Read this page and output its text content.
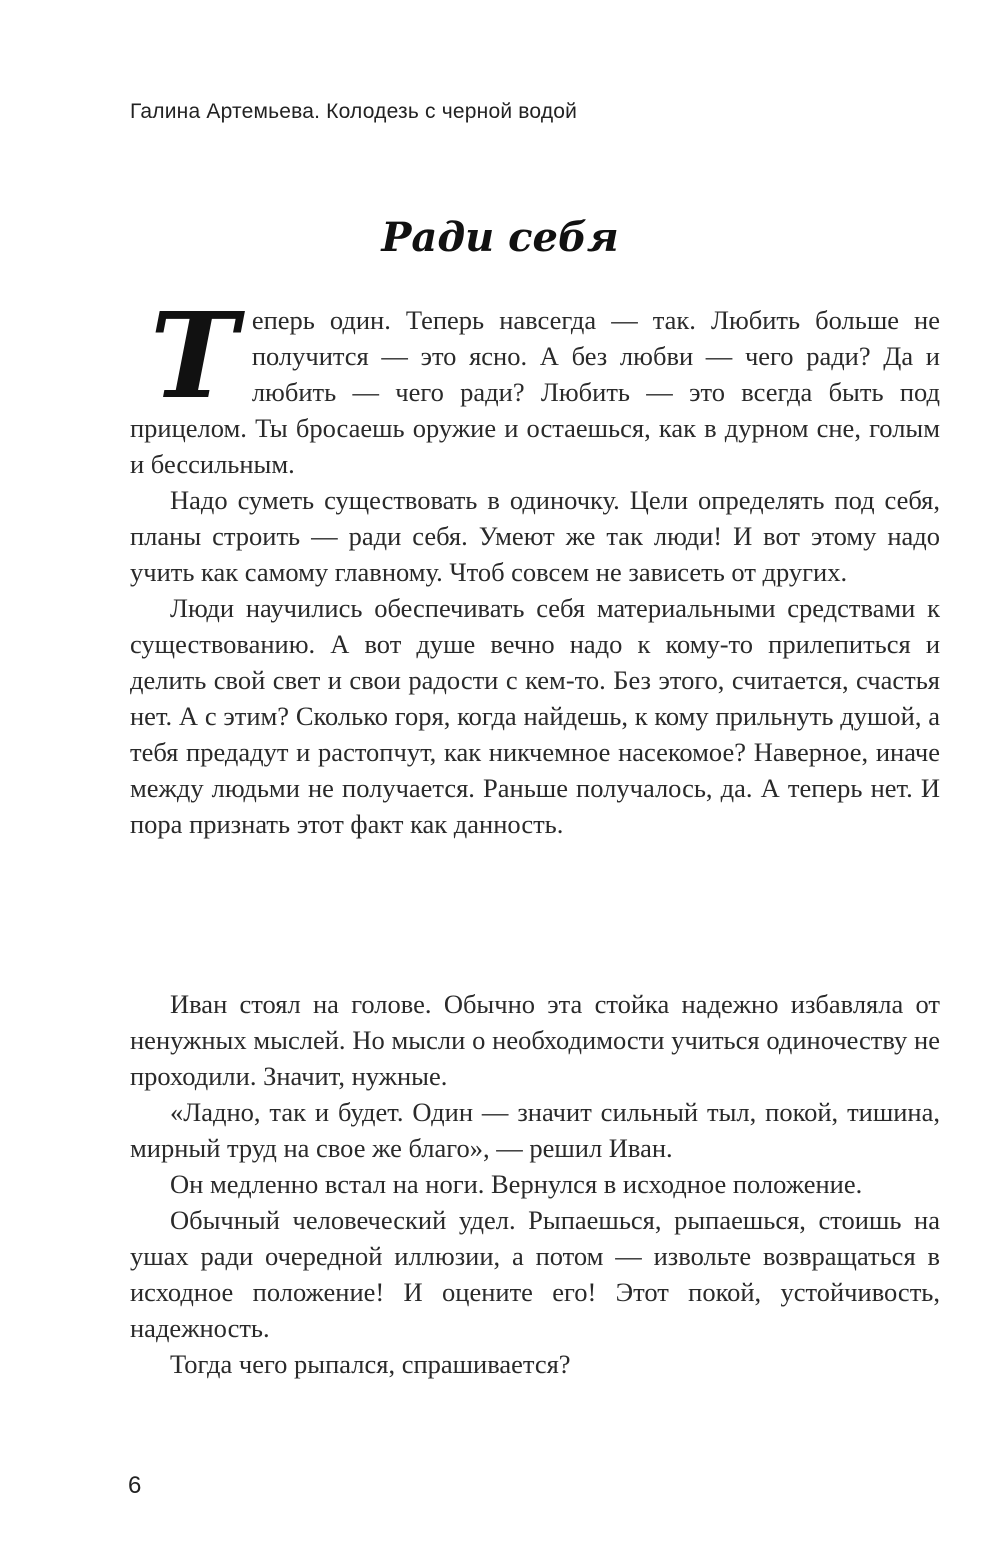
Галина Артемьева. Колодезь с черной водой
Ради себя

Теперь один. Теперь навсегда — так. Любить больше не получится — это ясно. А без любви — чего ради? Да и любить — чего ради? Любить — это всегда быть под прицелом. Ты бросаешь оружие и остаешься, как в дурном сне, голым и бессильным.

Надо суметь существовать в одиночку. Цели определять под себя, планы строить — ради себя. Умеют же так люди! И вот этому надо учить как самому главному. Чтоб совсем не зависеть от других.

Люди научились обеспечивать себя материальными средствами к существованию. А вот душе вечно надо к кому-то прилепиться и делить свой свет и свои радости с кем-то. Без этого, считается, счастья нет. А с этим? Сколько горя, когда найдешь, к кому прильнуть душой, а тебя предадут и растопчут, как никчемное насекомое? Наверное, иначе между людьми не получается. Раньше получалось, да. А теперь нет. И пора признать этот факт как данность.

Иван стоял на голове. Обычно эта стойка надежно избавляла от ненужных мыслей. Но мысли о необходимости учиться одиночеству не проходили. Значит, нужные.

«Ладно, так и будет. Один — значит сильный тыл, покой, тишина, мирный труд на свое же благо», — решил Иван.

Он медленно встал на ноги. Вернулся в исходное положение.

Обычный человеческий удел. Рыпаешься, рыпаешься, стоишь на ушах ради очередной иллюзии, а потом — извольте возвращаться в исходное положение! И оцените его! Этот покой, устойчивость, надежность.

Тогда чего рыпался, спрашивается?

6
